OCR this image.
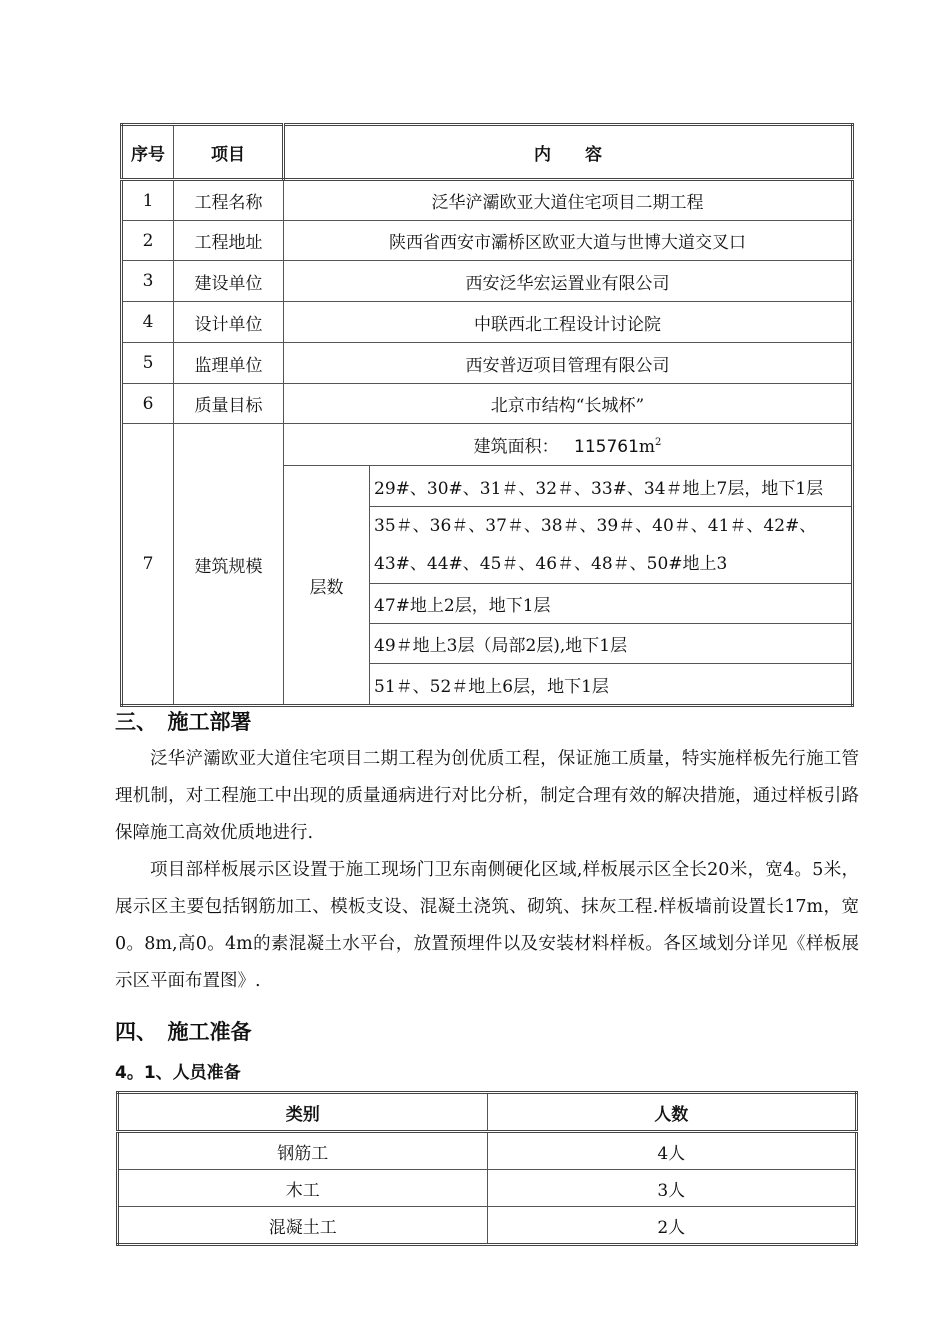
序号	项目	内　　容	
1	工程名称	泛华浐灞欧亚大道住宅项目二期工程	
2	工程地址	陕西省西安市灞桥区欧亚大道与世博大道交叉口	
3	建设单位	西安泛华宏运置业有限公司	
4	设计单位	中联西北工程设计讨论院	
5	监理单位	西安普迈项目管理有限公司	
6	质量目标	北京市结构“长城杯”	
7	建筑规模	建筑面积： $115761m^2$
		层数	29#、30#、31＃、32＃、33#、34＃地上7层，地下1层
			35＃、36＃、37＃、38＃、39＃、40＃、41＃、42#、43#、44#、45＃、46＃、48＃、50#地上3
			47#地上2层，地下1层
			49＃地上3层（局部2层),地下1层
			51＃、52＃地上6层，地下1层
三、　施工部署

泛华浐灞欧亚大道住宅项目二期工程为创优质工程，保证施工质量，特实施样板先行施工管理机制，对工程施工中出现的质量通病进行对比分析，制定合理有效的解决措施，通过样板引路保障施工高效优质地进行.

项目部样板展示区设置于施工现场门卫东南侧硬化区域,样板展示区全长20米，宽4。5米，展示区主要包括钢筋加工、模板支设、混凝土浇筑、砌筑、抹灰工程.样板墙前设置长17m，宽0。8m,高0。4m的素混凝土水平台，放置预埋件以及安装材料样板。各区域划分详见《样板展示区平面布置图》.

四、　施工准备
4。1、人员准备
类别	人数
钢筋工	4人
木工	3人
混凝土工	2人
